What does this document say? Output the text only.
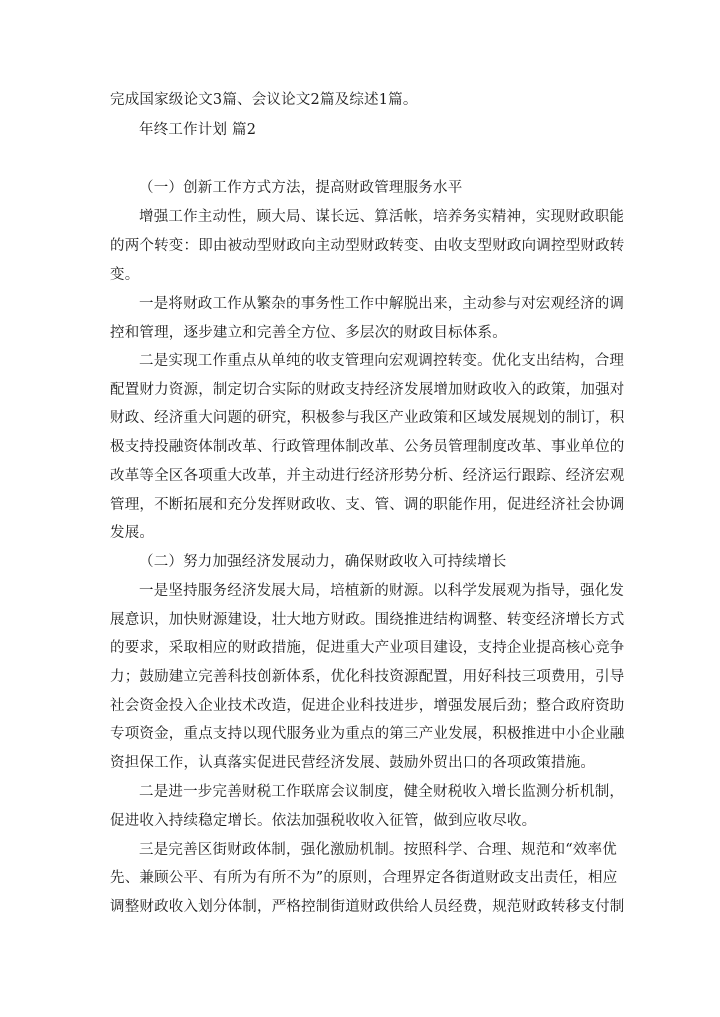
完成国家级论文3篇、会议论文2篇及综述1篇。
年终工作计划 篇2
（一）创新工作方式方法，提高财政管理服务水平
增强工作主动性，顾大局、谋长远、算活帐，培养务实精神，实现财政职能
的两个转变：即由被动型财政向主动型财政转变、由收支型财政向调控型财政转
变。
一是将财政工作从繁杂的事务性工作中解脱出来，主动参与对宏观经济的调
控和管理，逐步建立和完善全方位、多层次的财政目标体系。
二是实现工作重点从单纯的收支管理向宏观调控转变。优化支出结构，合理
配置财力资源，制定切合实际的财政支持经济发展增加财政收入的政策，加强对
财政、经济重大问题的研究，积极参与我区产业政策和区域发展规划的制订，积
极支持投融资体制改革、行政管理体制改革、公务员管理制度改革、事业单位的
改革等全区各项重大改革，并主动进行经济形势分析、经济运行跟踪、经济宏观
管理，不断拓展和充分发挥财政收、支、管、调的职能作用，促进经济社会协调
发展。
（二）努力加强经济发展动力，确保财政收入可持续增长
一是坚持服务经济发展大局，培植新的财源。以科学发展观为指导，强化发
展意识，加快财源建设，壮大地方财政。围绕推进结构调整、转变经济增长方式
的要求，采取相应的财政措施，促进重大产业项目建设，支持企业提高核心竞争
力；鼓励建立完善科技创新体系，优化科技资源配置，用好科技三项费用，引导
社会资金投入企业技术改造，促进企业科技进步，增强发展后劲；整合政府资助
专项资金，重点支持以现代服务业为重点的第三产业发展，积极推进中小企业融
资担保工作，认真落实促进民营经济发展、鼓励外贸出口的各项政策措施。
二是进一步完善财税工作联席会议制度，健全财税收入增长监测分析机制，
促进收入持续稳定增长。依法加强税收收入征管，做到应收尽收。
三是完善区街财政体制，强化激励机制。按照科学、合理、规范和“效率优
先、兼顾公平、有所为有所不为”的原则，合理界定各街道财政支出责任，相应
调整财政收入划分体制，严格控制街道财政供给人员经费，规范财政转移支付制
